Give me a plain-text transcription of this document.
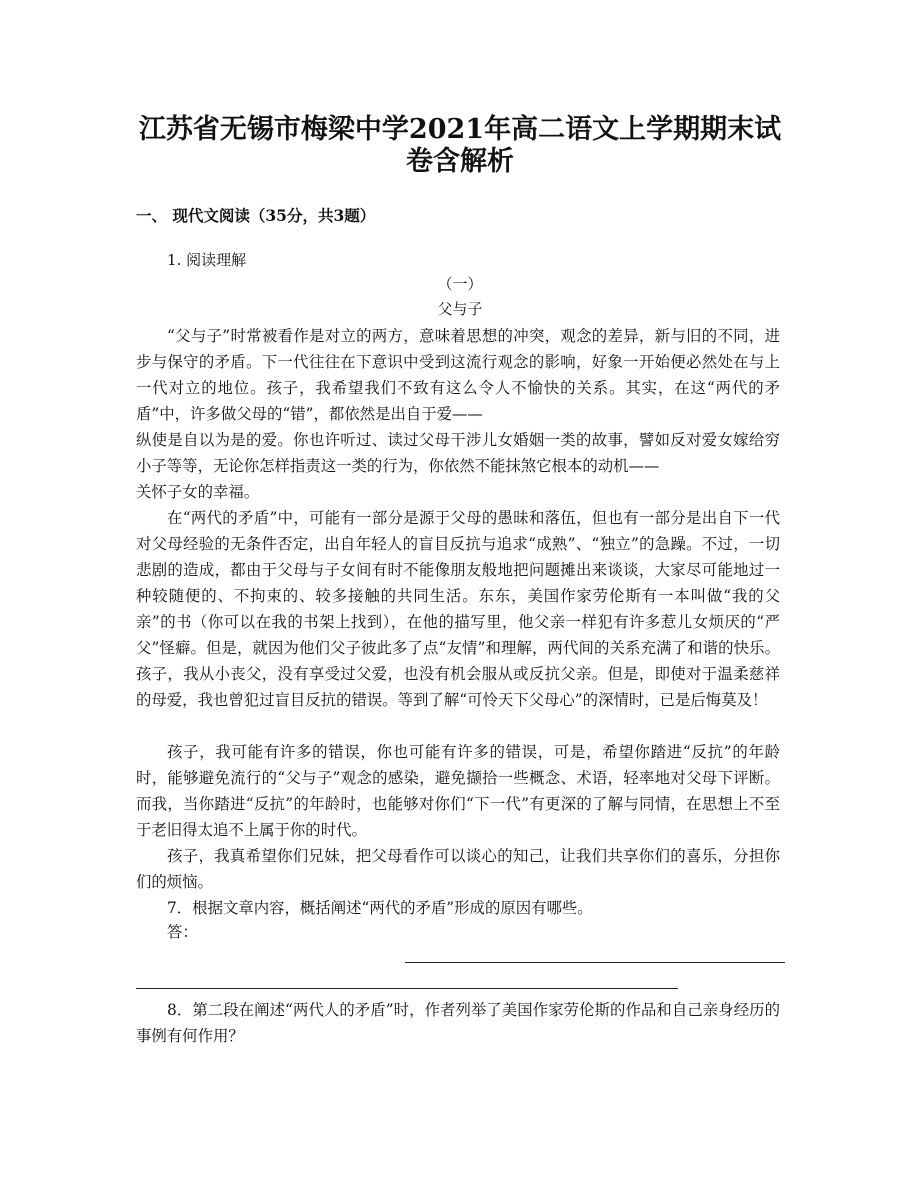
江苏省无锡市梅梁中学2021年高二语文上学期期末试
卷含解析
一、 现代文阅读（35分，共3题）
1. 阅读理解
（一）
父与子

“父与子”时常被看作是对立的两方，意味着思想的冲突，观念的差异，新与旧的不同，进步与保守的矛盾。下一代往往在下意识中受到这流行观念的影响，好象一开始便必然处在与上一代对立的地位。孩子，我希望我们不致有这么令人不愉快的关系。其实，在这“两代的矛盾”中，许多做父母的“错”，都依然是出自于爱——

纵使是自以为是的爱。你也许听过、读过父母干涉儿女婚姻一类的故事，譬如反对爱女嫁给穷小子等等，无论你怎样指责这一类的行为，你依然不能抹煞它根本的动机——

关怀子女的幸福。

在“两代的矛盾”中，可能有一部分是源于父母的愚昧和落伍，但也有一部分是出自下一代对父母经验的无条件否定，出自年轻人的盲目反抗与追求“成熟”、“独立”的急躁。不过，一切悲剧的造成，都由于父母与子女间有时不能像朋友般地把问题摊出来谈谈，大家尽可能地过一种较随便的、不拘束的、较多接触的共同生活。东东，美国作家劳伦斯有一本叫做“我的父亲”的书（你可以在我的书架上找到），在他的描写里，他父亲一样犯有许多惹儿女烦厌的“严父”怪癖。但是，就因为他们父子彼此多了点“友情”和理解，两代间的关系充满了和谐的快乐。孩子，我从小丧父，没有享受过父爱，也没有机会服从或反抗父亲。但是，即使对于温柔慈祥的母爱，我也曾犯过盲目反抗的错误。等到了解“可怜天下父母心”的深情时，已是后悔莫及！

孩子，我可能有许多的错误，你也可能有许多的错误，可是，希望你踏进“反抗”的年龄时，能够避免流行的“父与子”观念的感染，避免撷拾一些概念、术语，轻率地对父母下评断。而我，当你踏进“反抗”的年龄时，也能够对你们“下一代”有更深的了解与同情，在思想上不至于老旧得太追不上属于你的时代。

孩子，我真希望你们兄妹，把父母看作可以谈心的知己，让我们共享你们的喜乐，分担你们的烦恼。

7．根据文章内容，概括阐述“两代的矛盾”形成的原因有哪些。

答：

8．第二段在阐述“两代人的矛盾”时，作者列举了美国作家劳伦斯的作品和自己亲身经历的事例有何作用？
